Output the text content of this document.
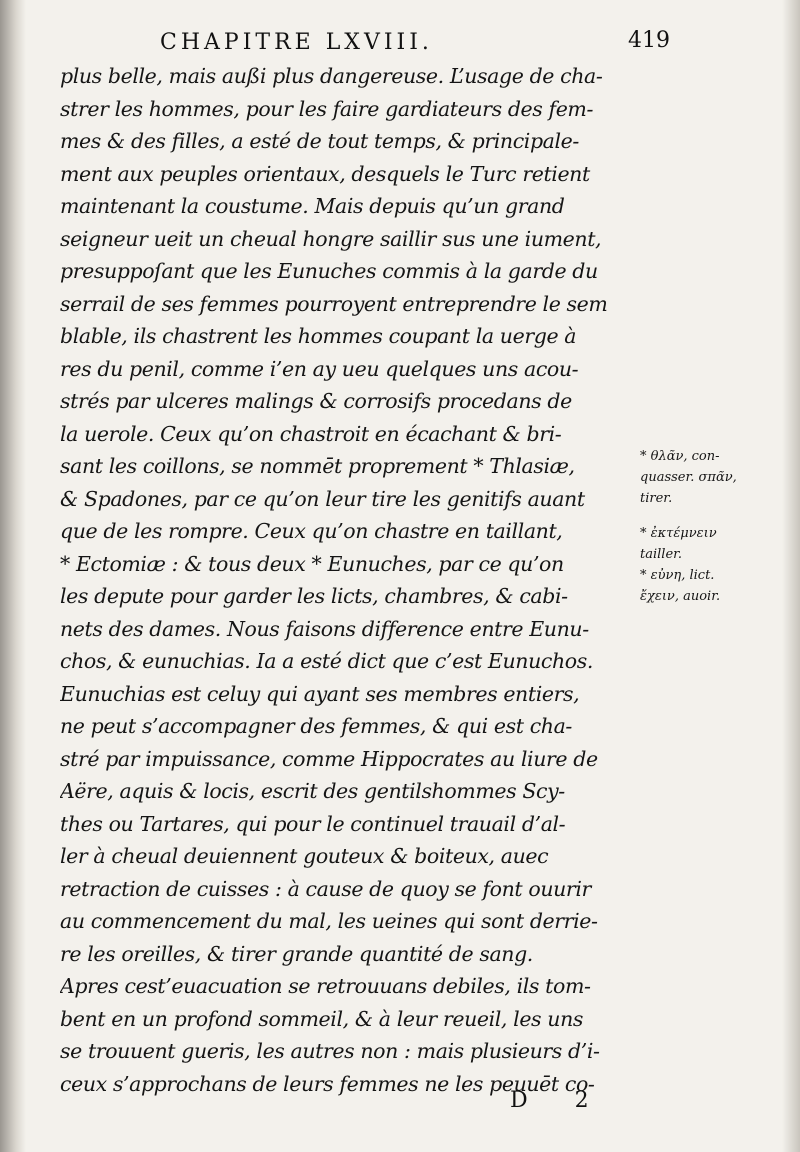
CHAPITRE LXVIII.	419
plus belle, mais außi plus dangereuse. L’usage de cha-
strer les hommes, pour les faire gardiateurs des fem-
mes & des filles, a esté de tout temps, & principale-
ment aux peuples orientaux, desquels le Turc retient
maintenant la coustume. Mais depuis qu’un grand
seigneur ueit un cheual hongre saillir sus une iument,
presuppoſant que les Eunuches commis à la garde du
serrail de ses femmes pourroyent entreprendre le sem
blable, ils chastrent les hommes coupant la uerge à
res du penil, comme i’en ay ueu quelques uns acou-
strés par ulceres malings & corrosifs procedans de
la uerole. Ceux qu’on chastroit en écachant & bri-
sant les coillons, se nommēt proprement * Thlasiæ,
& Spadones, par ce qu’on leur tire les genitifs auant
que de les rompre. Ceux qu’on chastre en taillant,
* Ectomiæ : & tous deux * Eunuches, par ce qu’on
les depute pour garder les licts, chambres, & cabi-
nets des dames. Nous faisons difference entre Eunu-
chos, & eunuchias. Ia a esté dict que c’est Eunuchos.
Eunuchias est celuy qui ayant ses membres entiers,
ne peut s’accompagner des femmes, & qui est cha-
stré par impuissance, comme Hippocrates au liure de
Aëre, aquis & locis, escrit des gentilshommes Scy-
thes ou Tartares, qui pour le continuel trauail d’al-
ler à cheual deuiennent gouteux & boiteux, auec
retraction de cuisses : à cause de quoy se font ouurir
au commencement du mal, les ueines qui sont derrie-
re les oreilles, & tirer grande quantité de sang.
Apres cest’euacuation se retrouuans debiles, ils tom-
bent en un profond sommeil, & à leur reueil, les uns
se trouuent gueris, les autres non : mais plusieurs d’i-
ceux s’approchans de leurs femmes ne les peuuēt co-
* θλᾶν, con-
quasser. σπᾶν,
tirer.
* ἐκτέμνειν
tailler.
* εὐνη, lict.
ἔχειν, auoir.
D 2
